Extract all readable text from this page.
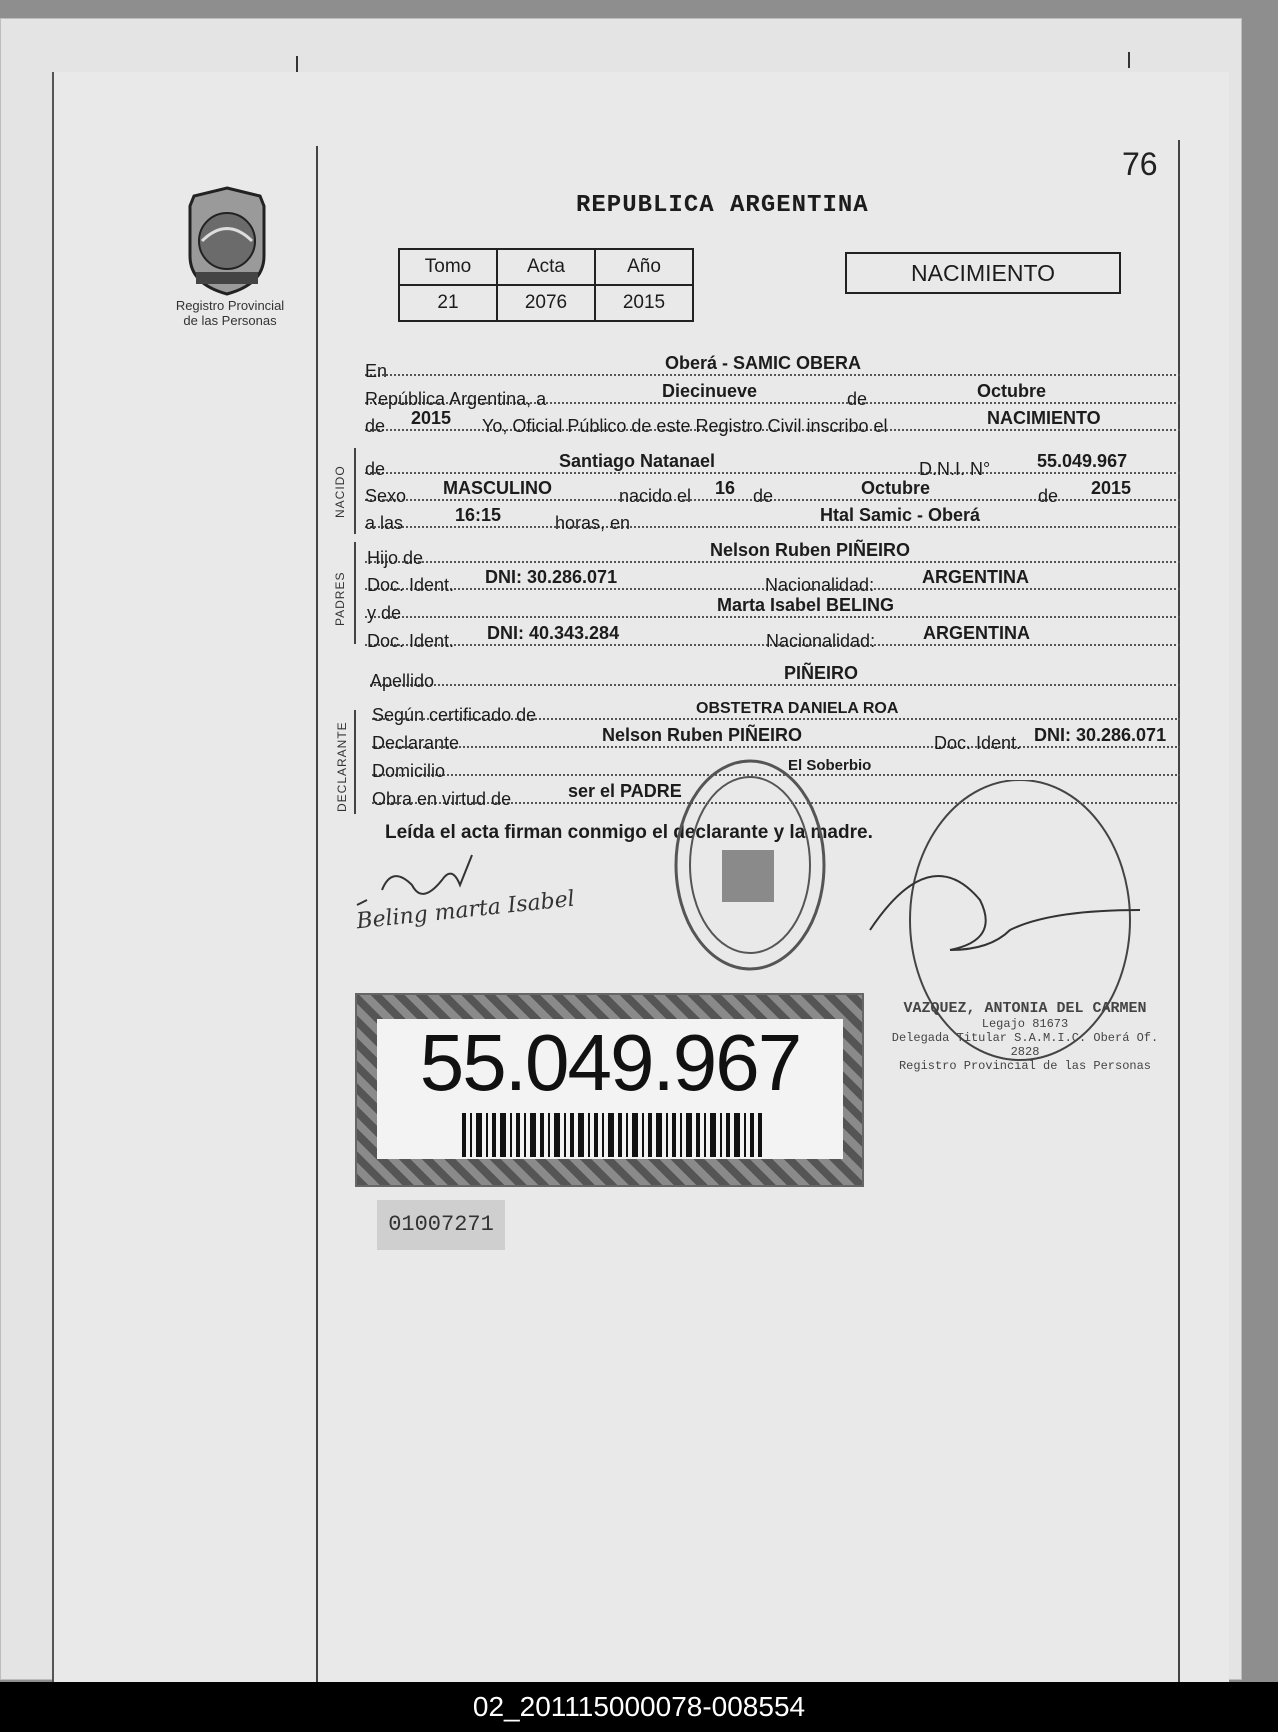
76
REPUBLICA ARGENTINA
Registro Provincial
de las Personas
Tomo	Acta	Año
21	2076	2015
NACIMIENTO
En	Oberá - SAMIC OBERA
República Argentina, a	Diecinueve	de	Octubre
de 2015 Yo, Oficial Público de este Registro Civil inscribo el	NACIMIENTO
NACIDO de	Santiago Natanael	D.N.I. N°	55.049.967
Sexo MASCULINO	nacido el 16 de	Octubre	de 2015
a las	16:15	horas, en	Htal Samic - Oberá
PADRES
Hijo de	Nelson Ruben PIÑEIRO
Doc. Ident. DNI: 30.286.071	Nacionalidad:	ARGENTINA
y de	Marta Isabel BELING
Doc. Ident. DNI: 40.343.284	Nacionalidad:	ARGENTINA
Apellido	PIÑEIRO
DECLARANTE
Según certificado de	OBSTETRA DANIELA ROA
Declarante	Nelson Ruben PIÑEIRO	Doc. Ident. DNI: 30.286.071
Domicilio	El Soberbio
Obra en virtud de	ser el PADRE
Leída el acta firman conmigo el declarante y la madre.
Beling marta Isabel
VAZQUEZ, ANTONIA DEL CARMEN
Legajo 81673
Delegada Titular S.A.M.I.C. Oberá Of. 2828
Registro Provincial de las Personas
55.049.967
01007271
02_201115000078-008554
